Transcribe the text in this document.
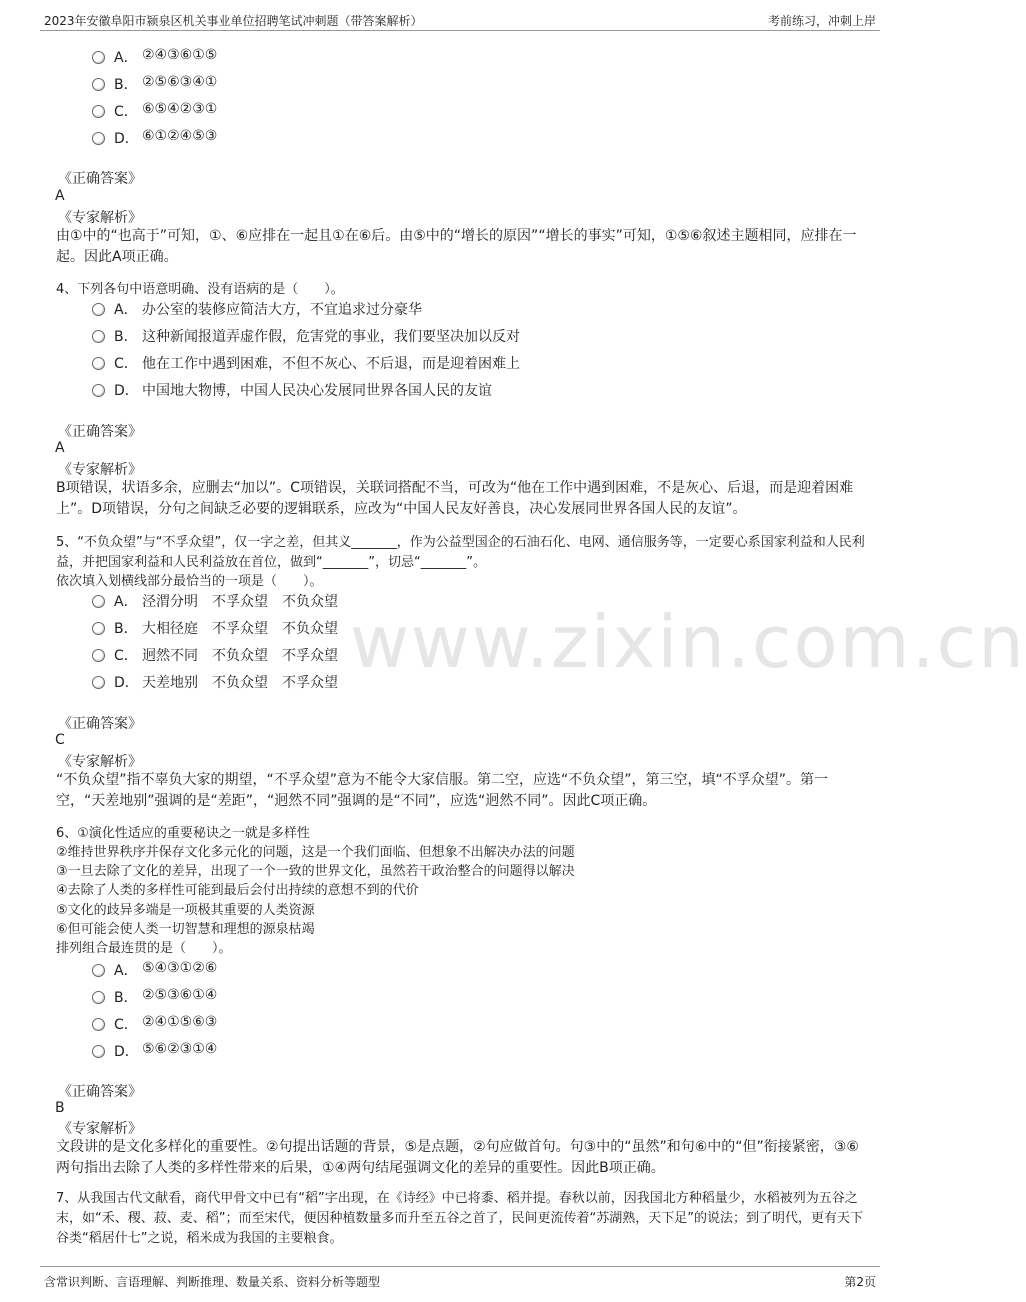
2023年安徽阜阳市颍泉区机关事业单位招聘笔试冲刺题（带答案解析）	考前练习，冲刺上岸
www.zixin.com.cn
A． ②④③⑥①⑤
B． ②⑤⑥③④①
C． ⑥⑤④②③①
D． ⑥①②④⑤③
《正确答案》
A
《专家解析》
由①中的“也高于”可知，①、⑥应排在一起且①在⑥后。由⑤中的“增长的原因”“增长的事实”可知，①⑤⑥叙述主题相同，应排在一起。因此A项正确。
4、下列各句中语意明确、没有语病的是（　　）。
A． 办公室的装修应简洁大方，不宜追求过分豪华
B． 这种新闻报道弄虚作假，危害党的事业，我们要坚决加以反对
C． 他在工作中遇到困难，不但不灰心、不后退，而是迎着困难上
D． 中国地大物博，中国人民决心发展同世界各国人民的友谊
《正确答案》
A
《专家解析》
B项错误，状语多余，应删去“加以”。C项错误，关联词搭配不当，可改为“他在工作中遇到困难，不是灰心、后退，而是迎着困难上”。D项错误，分句之间缺乏必要的逻辑联系，应改为“中国人民友好善良，决心发展同世界各国人民的友谊”。
5、“不负众望”与“不孚众望”，仅一字之差，但其义_______，作为公益型国企的石油石化、电网、通信服务等，一定要心系国家利益和人民利
益，并把国家利益和人民利益放在首位，做到“_______”，切忌“_______”。
依次填入划横线部分最恰当的一项是（　　）。
A． 泾渭分明　不孚众望　不负众望
B． 大相径庭　不孚众望　不负众望
C． 迥然不同　不负众望　不孚众望
D． 天差地别　不负众望　不孚众望
《正确答案》
C
《专家解析》
“不负众望”指不辜负大家的期望，“不孚众望”意为不能令大家信服。第二空，应选“不负众望”，第三空，填“不孚众望”。第一空，“天差地别”强调的是“差距”，“迥然不同”强调的是“不同”，应选“迥然不同”。因此C项正确。
6、①演化性适应的重要秘诀之一就是多样性
②维持世界秩序并保存文化多元化的问题，这是一个我们面临、但想象不出解决办法的问题
③一旦去除了文化的差异，出现了一个一致的世界文化，虽然若干政治整合的问题得以解决
④去除了人类的多样性可能到最后会付出持续的意想不到的代价
⑤文化的歧异多端是一项极其重要的人类资源
⑥但可能会使人类一切智慧和理想的源泉枯竭
排列组合最连贯的是（　　）。
A． ⑤④③①②⑥
B． ②⑤③⑥①④
C． ②④①⑤⑥③
D． ⑤⑥②③①④
《正确答案》
B
《专家解析》
文段讲的是文化多样化的重要性。②句提出话题的背景，⑤是点题，②句应做首句。句③中的“虽然”和句⑥中的“但”衔接紧密，③⑥两句指出去除了人类的多样性带来的后果，①④两句结尾强调文化的差异的重要性。因此B项正确。
7、从我国古代文献看，商代甲骨文中已有“稻”字出现，在《诗经》中已将黍、稻并提。春秋以前，因我国北方种稻量少，水稻被列为五谷之末，如“禾、稷、菽、麦、稻”；而至宋代，便因种植数量多而升至五谷之首了，民间更流传着“苏湖熟，天下足”的说法；到了明代，更有天下谷类“稻居什七”之说，稻米成为我国的主要粮食。
含常识判断、言语理解、判断推理、数量关系、资料分析等题型	第2页
